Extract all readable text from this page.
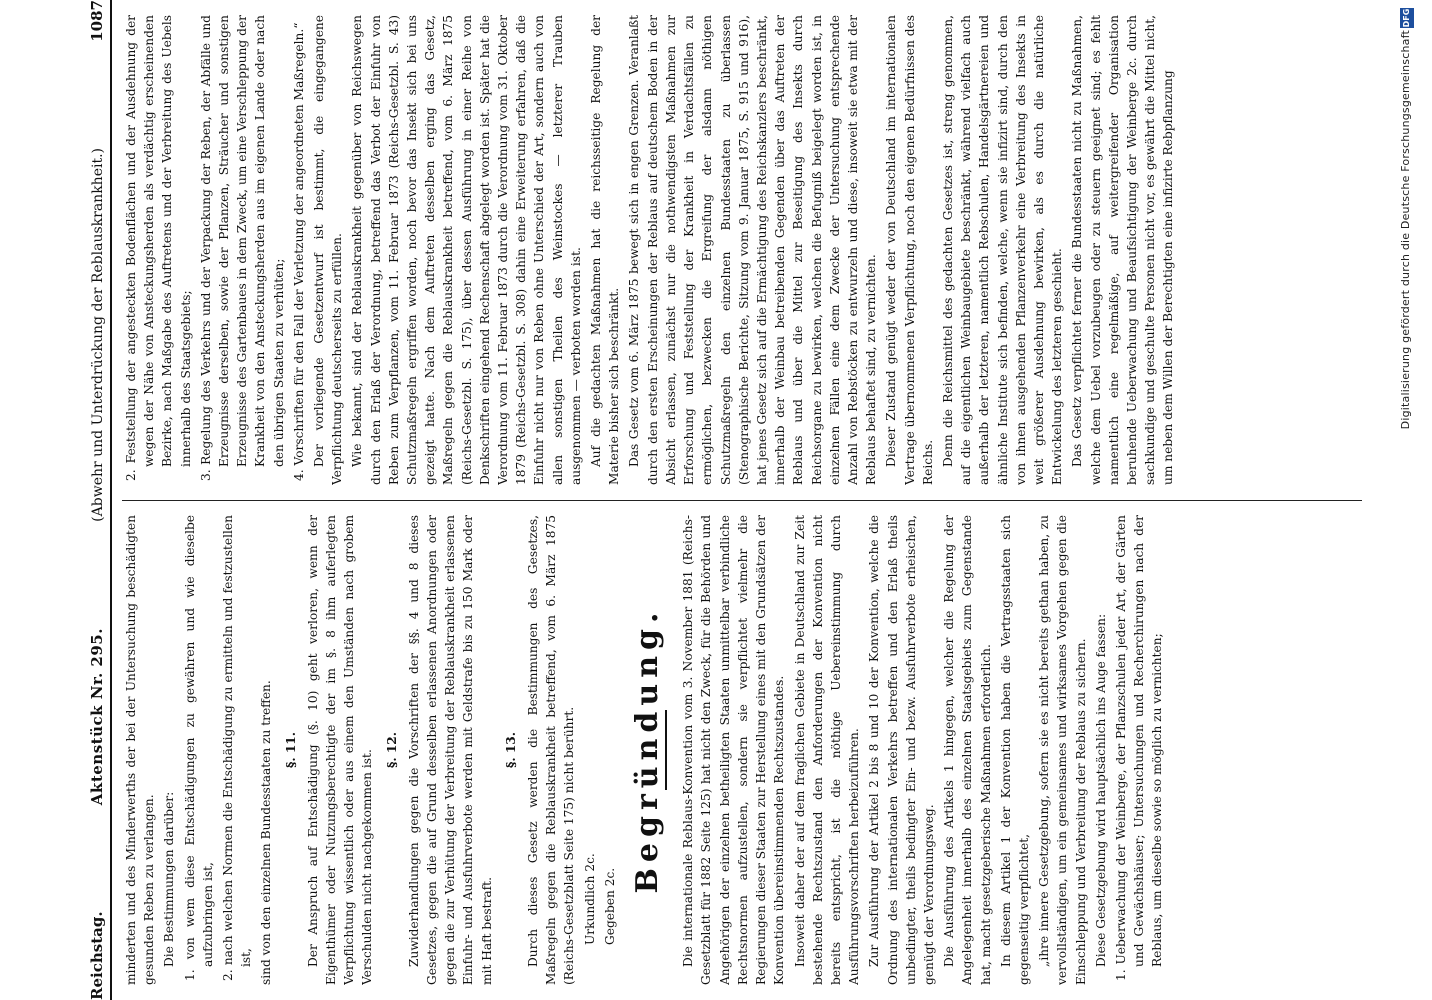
DFG
Digitalisierung gefördert durch die Deutsche Forschungsgemeinschaft

2. Feststellung der angesteckten Bodenflächen und der Ausdehnung der wegen der Nähe von Ansteckungsherden als verdächtig erscheinenden Bezirke, nach Maßgabe des Auftretens und der Verbreitung des Uebels innerhalb des Staatsgebiets; 3. Regelung des Verkehrs und der Verpackung der Reben, der Abfälle und Erzeugnisse derselben, sowie der Pflanzen, Sträucher und sonstigen Erzeugnisse des Gartenbaues in dem Zweck, um eine Verschleppung der Krankheit von den Ansteckungsherden aus im eigenen Lande oder nach den übrigen Staaten zu verhüten; 4. Vorschriften für den Fall der Verletzung der angeordneten Maßregeln.“ Der vorliegende Gesetzentwurf ist bestimmt, die eingegangene Verpflichtung deutscherseits zu erfüllen. Wie bekannt, sind der Reblauskrankheit gegenüber von Reichswegen durch den Erlaß der Verordnung, betreffend das Verbot der Einfuhr von Reben zum Verpflanzen, vom 11. Februar 1873 (Reichs-Gesetzbl. S. 43) Schutzmaßregeln ergriffen worden, noch bevor das Insekt sich bei uns gezeigt hatte. Nach dem Auftreten desselben erging das Gesetz, Maßregeln gegen die Reblauskrankheit betreffend, vom 6. März 1875 (Reichs-Gesetzbl. S. 175), über dessen Ausführung in einer Reihe von Denkschriften eingehend Rechenschaft abgelegt worden ist. Später hat die Verordnung vom 11. Februar 1873 durch die Verordnung vom 31. Oktober 1879 (Reichs-Gesetzbl. S. 308) dahin eine Erweiterung erfahren, daß die Einfuhr nicht nur von Reben ohne Unterschied der Art, sondern auch von allen sonstigen Theilen des Weinstockes — letzterer Trauben ausgenommen — verboten worden ist. Auf die gedachten Maßnahmen hat die reichsseitige Regelung der Materie bisher sich beschränkt. Das Gesetz vom 6. März 1875 bewegt sich in engen Grenzen. Veranlaßt durch den ersten Erscheinungen der Reblaus auf deutschem Boden in der Absicht erlassen, zunächst nur die nothwendigsten Maßnahmen zur Erforschung und Feststellung der Krankheit in Verdachtsfällen zu ermöglichen, bezwecken die Ergreifung der alsdann nöthigen Schutzmaßregeln den einzelnen Bundesstaaten zu überlassen (Stenographische Berichte, Sitzung vom 9. Januar 1875, S. 915 und 916), hat jenes Gesetz sich auf die Ermächtigung des Reichskanzlers beschränkt, innerhalb der Weinbau betreibenden Gegenden über das Auftreten der Reblaus und über die Mittel zur Beseitigung des Insekts durch Reichsorgane zu bewirken, welchen die Befugniß beigelegt worden ist, in einzelnen Fällen eine dem Zwecke der Untersuchung entsprechende Anzahl von Rebstöcken zu entwurzeln und diese, insoweit sie etwa mit der Reblaus behaftet sind, zu vernichten. Dieser Zustand genügt weder der von Deutschland im internationalen Vertrage übernommenen Verpflichtung, noch den eigenen Bedürfnissen des Reichs. Denn die Reichsmittel des gedachten Gesetzes ist, streng genommen, auf die eigentlichen Weinbaugebiete beschränkt, während vielfach auch außerhalb der letzteren, namentlich Rebschulen, Handelsgärtnereien und ähnliche Institute sich befinden, welche, wenn sie infizirt sind, durch den von ihnen ausgehenden Pflanzenverkehr eine Verbreitung des Insekts in weit größerer Ausdehnung bewirken, als es durch die natürliche Entwickelung des letzteren geschieht. Das Gesetz verpflichtet ferner die Bundesstaaten nicht zu Maßnahmen, welche dem Uebel vorzubeugen oder zu steuern geeignet sind; es fehlt namentlich eine regelmäßige, auf weitergreifender Organisation beruhende Ueberwachung und Beaufsichtigung der Weinberge 2c. durch sachkundige und geschulte Personen nicht vor, es gewährt die Mittel nicht, um neben dem Willen der Berechtigten eine infizirte Rebpflanzung

minderten und des Minderwerths der bei der Untersuchung beschädigten gesunden Reben zu verlangen. Die Bestimmungen darüber: 1. von wem diese Entschädigungen zu gewähren und wie dieselbe aufzubringen ist, 2. nach welchen Normen die Entschädigung zu ermitteln und festzustellen ist, sind von den einzelnen Bundesstaaten zu treffen. §. 11. Der Anspruch auf Entschädigung (§. 10) geht verloren, wenn der Eigenthümer oder Nutzungsberechtigte der im §. 8 ihm auferlegten Verpflichtung wissentlich oder aus einem den Umständen nach grobem Verschulden nicht nachgekommen ist. §. 12. Zuwiderhandlungen gegen die Vorschriften der §§. 4 und 8 dieses Gesetzes, gegen die auf Grund desselben erlassenen Anordnungen oder gegen die zur Verhütung der Verbreitung der Reblauskrankheit erlassenen Einfuhr- und Ausfuhrverbote werden mit Geldstrafe bis zu 150 Mark oder mit Haft bestraft.

§. 13. Durch dieses Gesetz werden die Bestimmungen des Gesetzes, Maßregeln gegen die Reblauskrankheit betreffend, vom 6. März 1875 (Reichs-Gesetzblatt Seite 175) nicht berührt. Urkundlich 2c. Gegeben 2c.

Begründung. Die internationale Reblaus-Konvention vom 3. November 1881 (Reichs-Gesetzblatt für 1882 Seite 125) hat nicht den Zweck, für die Behörden und Angehörigen der einzelnen betheiligten Staaten unmittelbar verbindliche Rechtsnormen aufzustellen, sondern sie verpflichtet vielmehr die Regierungen dieser Staaten zur Herstellung eines mit den Grundsätzen der Konvention übereinstimmenden Rechtszustandes. Insoweit daher der auf dem fraglichen Gebiete in Deutschland zur Zeit bestehende Rechtszustand den Anforderungen der Konvention nicht bereits entspricht, ist die nöthige Uebereinstimmung durch Ausführungsvorschriften herbeizuführen. Zur Ausführung der Artikel 2 bis 8 und 10 der Konvention, welche die Ordnung des internationalen Verkehrs betreffen und den Erlaß theils unbedingter, theils bedingter Ein- und bezw. Ausfuhrverbote erheischen, genügt der Verordnungsweg. Die Ausführung des Artikels 1 hingegen, welcher die Regelung der Angelegenheit innerhalb des einzelnen Staatsgebiets zum Gegenstande hat, macht gesetzgeberische Maßnahmen erforderlich. In diesem Artikel 1 der Konvention haben die Vertragsstaaten sich gegenseitig verpflichtet, „ihre innere Gesetzgebung, sofern sie es nicht bereits gethan haben, zu vervollständigen, um ein gemeinsames und wirksames Vorgehen gegen die Einschleppung und Verbreitung der Reblaus zu sichern. Diese Gesetzgebung wird hauptsächlich ins Auge fassen: 1. Ueberwachung der Weinberge, der Pflanzschulen jeder Art, der Gärten und Gewächshäuser; Untersuchungen und Recherchirungen nach der Reblaus, um dieselbe sowie so möglich zu vernichten;

Reichstag.
Aktenstück Nr. 295.
(Abwehr und Unterdrückung der Reblauskrankheit.)
1087
